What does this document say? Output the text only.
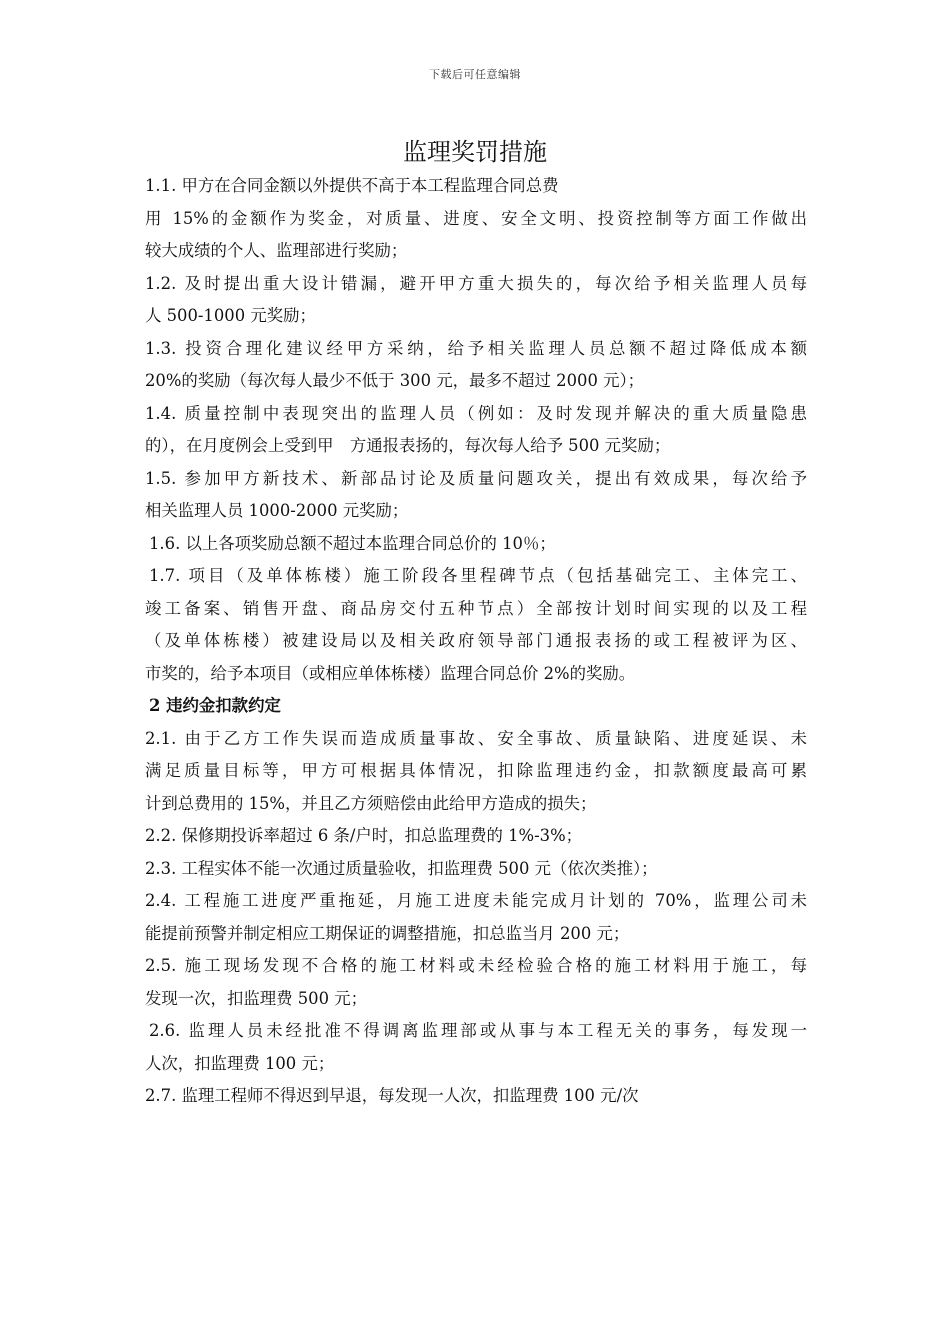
下载后可任意编辑
监理奖罚措施
1.1. 甲方在合同金额以外提供不高于本工程监理合同总费
用 15%的金额作为奖金，对质量、进度、安全文明、投资控制等方面工作做出
较大成绩的个人、监理部进行奖励；
1.2. 及时提出重大设计错漏，避开甲方重大损失的，每次给予相关监理人员每
人 500-1000 元奖励；
1.3. 投资合理化建议经甲方采纳，给予相关监理人员总额不超过降低成本额
20%的奖励（每次每人最少不低于 300 元，最多不超过 2000 元）；
1.4. 质量控制中表现突出的监理人员（例如：及时发现并解决的重大质量隐患
的），在月度例会上受到甲　方通报表扬的，每次每人给予 500 元奖励；
1.5. 参加甲方新技术、新部品讨论及质量问题攻关，提出有效成果，每次给予
相关监理人员 1000-2000 元奖励；
1.6. 以上各项奖励总额不超过本监理合同总价的 10％；
1.7. 项目（及单体栋楼）施工阶段各里程碑节点（包括基础完工、主体完工、
竣工备案、销售开盘、商品房交付五种节点）全部按计划时间实现的以及工程
（及单体栋楼）被建设局以及相关政府领导部门通报表扬的或工程被评为区、
市奖的，给予本项目（或相应单体栋楼）监理合同总价 2%的奖励。
2 违约金扣款约定
2.1. 由于乙方工作失误而造成质量事故、安全事故、质量缺陷、进度延误、未
满足质量目标等，甲方可根据具体情况，扣除监理违约金，扣款额度最高可累
计到总费用的 15%，并且乙方须赔偿由此给甲方造成的损失；
2.2. 保修期投诉率超过 6 条/户时，扣总监理费的 1%-3%；
2.3. 工程实体不能一次通过质量验收，扣监理费 500 元（依次类推）；
2.4. 工程施工进度严重拖延，月施工进度未能完成月计划的 70%，监理公司未
能提前预警并制定相应工期保证的调整措施，扣总监当月 200 元；
2.5. 施工现场发现不合格的施工材料或未经检验合格的施工材料用于施工，每
发现一次，扣监理费 500 元；
2.6. 监理人员未经批准不得调离监理部或从事与本工程无关的事务，每发现一
人次，扣监理费 100 元；
2.7. 监理工程师不得迟到早退，每发现一人次，扣监理费 100 元/次
